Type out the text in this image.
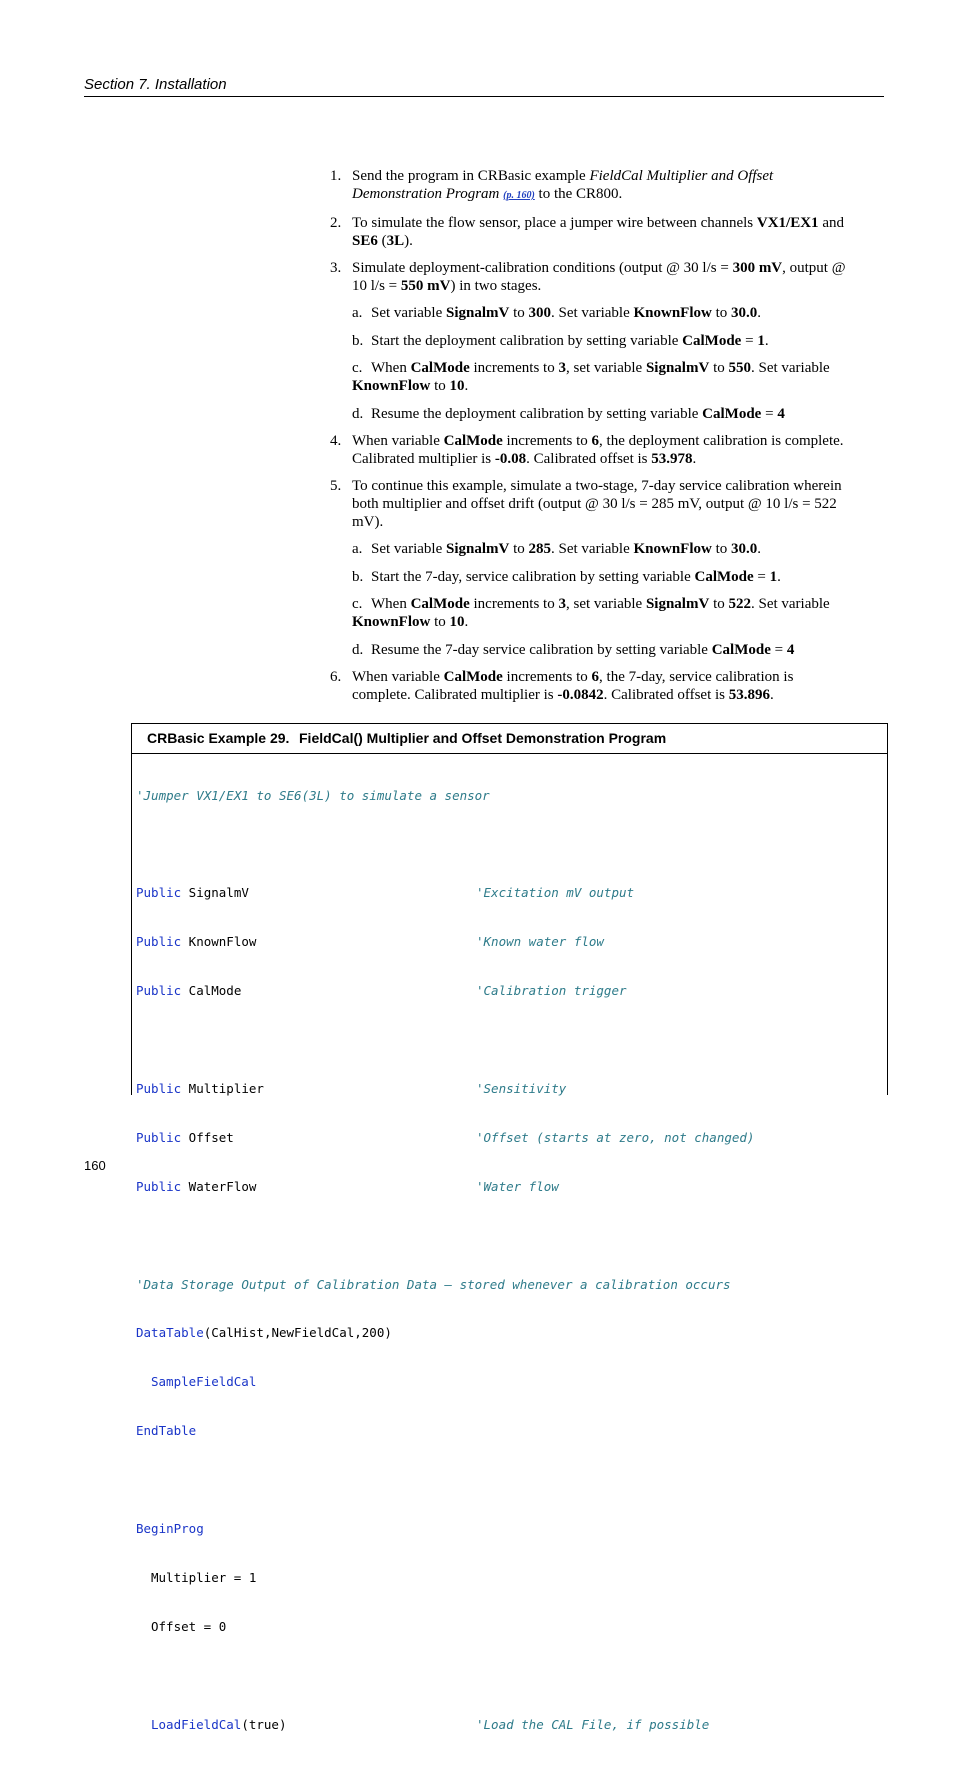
Section 7. Installation
1. Send the program in CRBasic example FieldCal Multiplier and Offset Demonstration Program (p. 160) to the CR800.
2. To simulate the flow sensor, place a jumper wire between channels VX1/EX1 and SE6 (3L).
3. Simulate deployment-calibration conditions (output @ 30 l/s = 300 mV, output @ 10 l/s = 550 mV) in two stages.
a. Set variable SignalmV to 300. Set variable KnownFlow to 30.0.
b. Start the deployment calibration by setting variable CalMode = 1.
c. When CalMode increments to 3, set variable SignalmV to 550. Set variable KnownFlow to 10.
d. Resume the deployment calibration by setting variable CalMode = 4
4. When variable CalMode increments to 6, the deployment calibration is complete. Calibrated multiplier is -0.08. Calibrated offset is 53.978.
5. To continue this example, simulate a two-stage, 7-day service calibration wherein both multiplier and offset drift (output @ 30 l/s = 285 mV, output @ 10 l/s = 522 mV).
a. Set variable SignalmV to 285. Set variable KnownFlow to 30.0.
b. Start the 7-day, service calibration by setting variable CalMode = 1.
c. When CalMode increments to 3, set variable SignalmV to 522. Set variable KnownFlow to 10.
d. Resume the 7-day service calibration by setting variable CalMode = 4
6. When variable CalMode increments to 6, the 7-day, service calibration is complete. Calibrated multiplier is -0.0842. Calibrated offset is 53.896.
CRBasic Example 29. FieldCal() Multiplier and Offset Demonstration Program

'Jumper VX1/EX1 to SE6(3L) to simulate a sensor

Public SignalmV	'Excitation mV output

Public KnownFlow	'Known water flow

Public CalMode	'Calibration trigger

Public Multiplier	'Sensitivity

Public Offset	'Offset (starts at zero, not changed)

Public WaterFlow	'Water flow

'Data Storage Output of Calibration Data – stored whenever a calibration occurs

DataTable(CalHist,NewFieldCal,200)

SampleFieldCal

EndTable

BeginProg

Multiplier = 1

Offset = 0

LoadFieldCal(true)	'Load the CAL File, if possible

160
